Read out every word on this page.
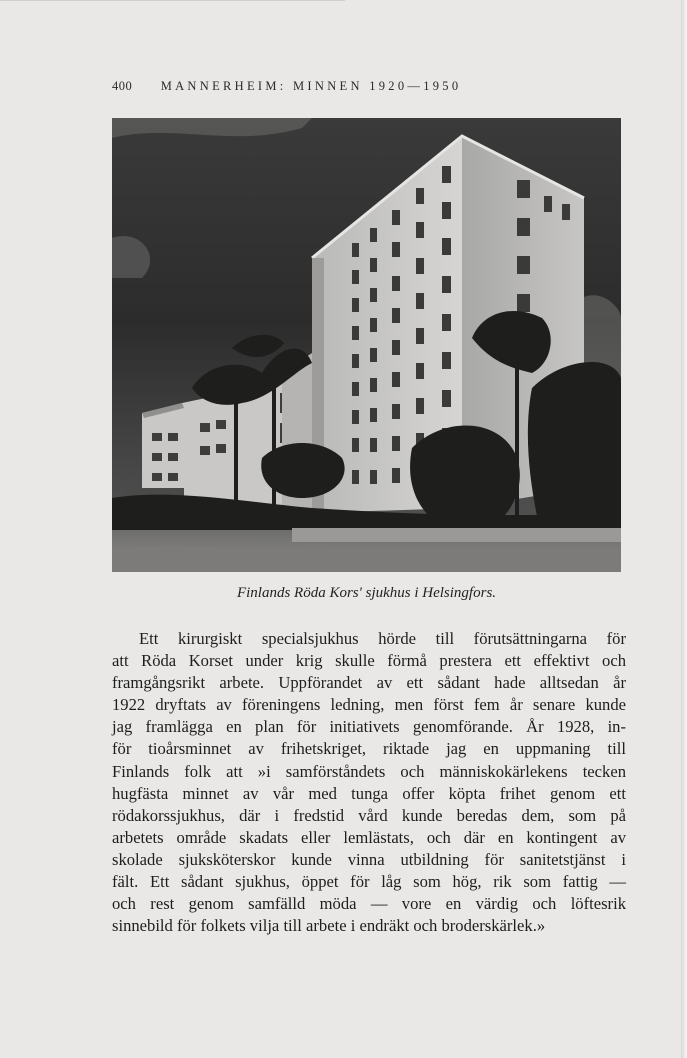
400 MANNERHEIM: MINNEN 1920—1950
Finlands Röda Kors' sjukhus i Helsingfors.
Ett kirurgiskt specialsjukhus hörde till förutsättningarna för
att Röda Korset under krig skulle förmå prestera ett effektivt och
framgångsrikt arbete. Uppförandet av ett sådant hade alltsedan år
1922 dryftats av föreningens ledning, men först fem år senare kunde
jag framlägga en plan för initiativets genomförande. År 1928, in-
för tioårsminnet av frihetskriget, riktade jag en uppmaning till
Finlands folk att »i samförståndets och människokärlekens tecken
hugfästa minnet av vår med tunga offer köpta frihet genom ett
rödakorssjukhus, där i fredstid vård kunde beredas dem, som på
arbetets område skadats eller lemlästats, och där en kontingent av
skolade sjuksköterskor kunde vinna utbildning för sanitetstjänst i
fält. Ett sådant sjukhus, öppet för låg som hög, rik som fattig —
och rest genom samfälld möda — vore en värdig och löftesrik
sinnebild för folkets vilja till arbete i endräkt och broderskärlek.»
